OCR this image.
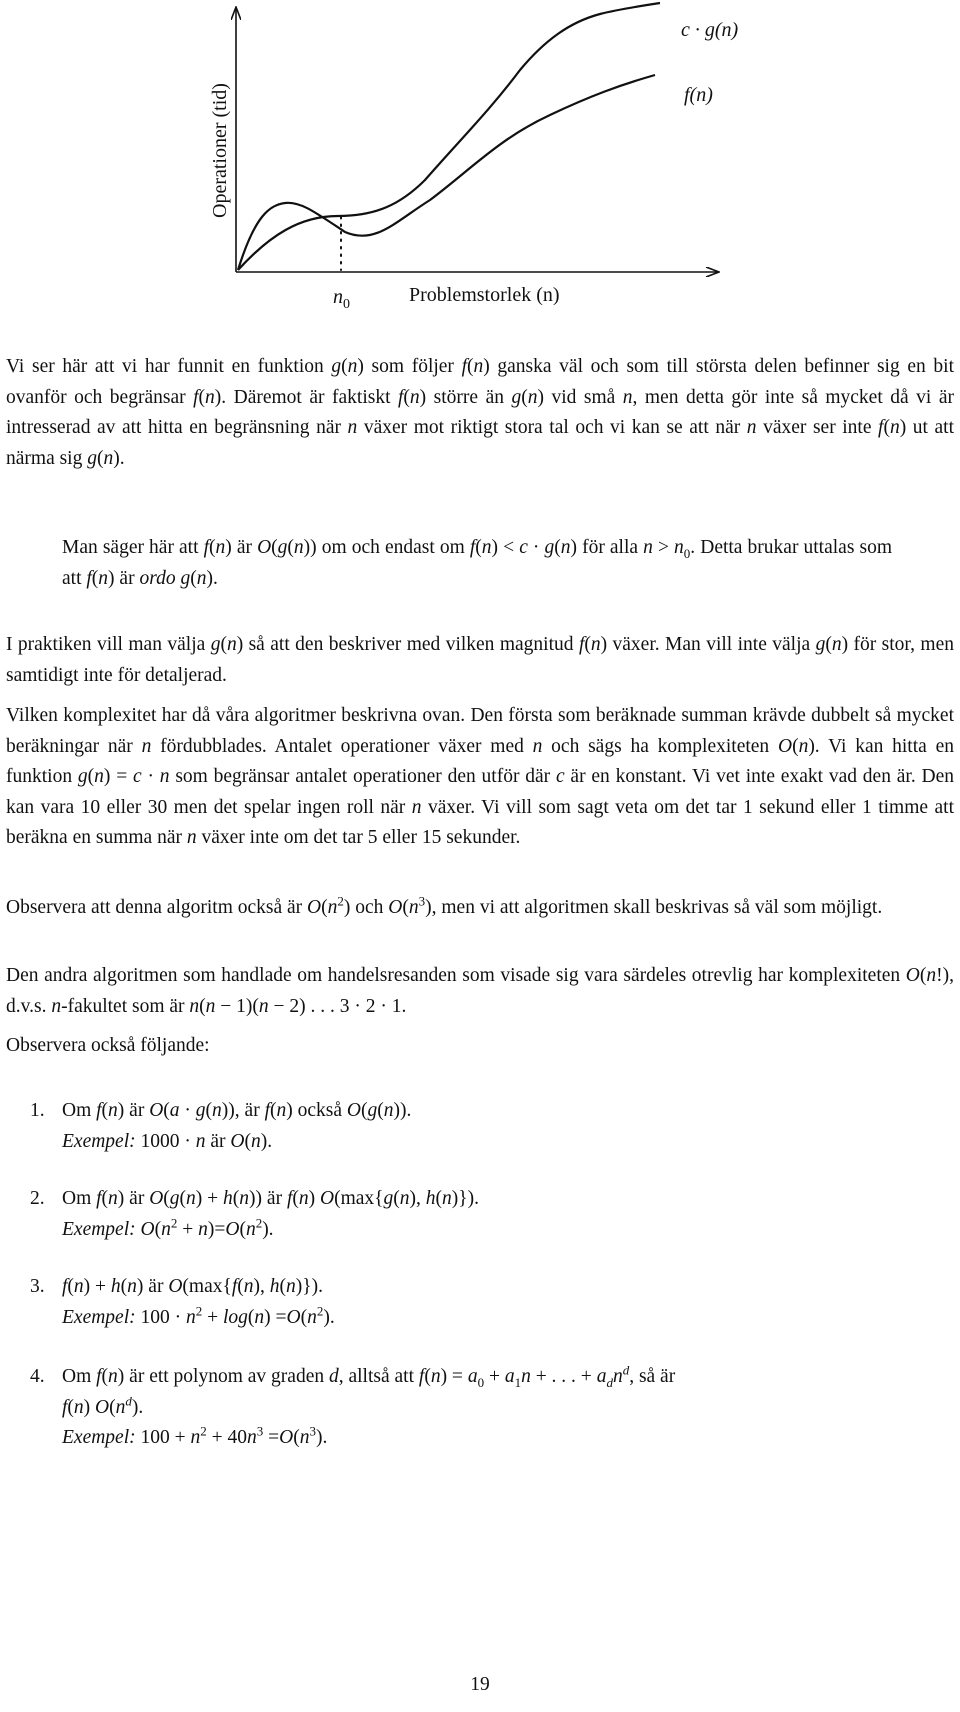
Operationer (tid)
$n_0$	Problemstorlek (n)
c · g(n)
f(n)

Vi ser här att vi har funnit en funktion g(n) som följer f(n) ganska väl och som till största delen befinner sig en bit ovanför och begränsar f(n). Däremot är faktiskt f(n) större än g(n) vid små n, men detta gör inte så mycket då vi är intresserad av att hitta en begränsning när n växer mot riktigt stora tal och vi kan se att när n växer ser inte f(n) ut att närma sig g(n).

Man säger här att f(n) är O(g(n)) om och endast om f(n) < c · g(n) för alla $n > n_0$. Detta brukar uttalas som att f(n) är ordo g(n).

I praktiken vill man välja g(n) så att den beskriver med vilken magnitud f(n) växer. Man vill inte välja g(n) för stor, men samtidigt inte för detaljerad.

Vilken komplexitet har då våra algoritmer beskrivna ovan. Den första som beräknade summan krävde dubbelt så mycket beräkningar när n fördubblades. Antalet operationer växer med n och sägs ha komplexiteten O(n). Vi kan hitta en funktion g(n) = c · n som begränsar antalet operationer den utför där c är en konstant. Vi vet inte exakt vad den är. Den kan vara 10 eller 30 men det spelar ingen roll när n växer. Vi vill som sagt veta om det tar 1 sekund eller 1 timme att beräkna en summa när n växer inte om det tar 5 eller 15 sekunder.

Observera att denna algoritm också är $O(n^2)$ och $O(n^3)$, men vi att algoritmen skall beskrivas så väl som möjligt.

Den andra algoritmen som handlade om handelsresanden som visade sig vara särdeles otrevlig har komplexiteten O(n!), d.v.s. n-fakultet som är n(n − 1)(n − 2) . . . 3 · 2 · 1.

Observera också följande:

1. Om f(n) är O(a · g(n)), är f(n) också O(g(n)).
Exempel: 1000 · n är O(n).
2. Om f(n) är O(g(n) + h(n)) är f(n) O(max{g(n), h(n)}).
Exempel: $O(n^2 + n)=O(n^2)$.
3. f(n) + h(n) är O(max{f(n), h(n)}).
Exempel: $100 \cdot n^2 + \log(n) =O(n^2)$.
4. Om f(n) är ett polynom av graden d, alltså att $f(n) = a_0 + a_1n$ + . . . + $a_dn^d$, så är
f(n) $O(n^d)$.
Exempel: $100 + n^2 + 40n^3 =O(n^3)$.
19
